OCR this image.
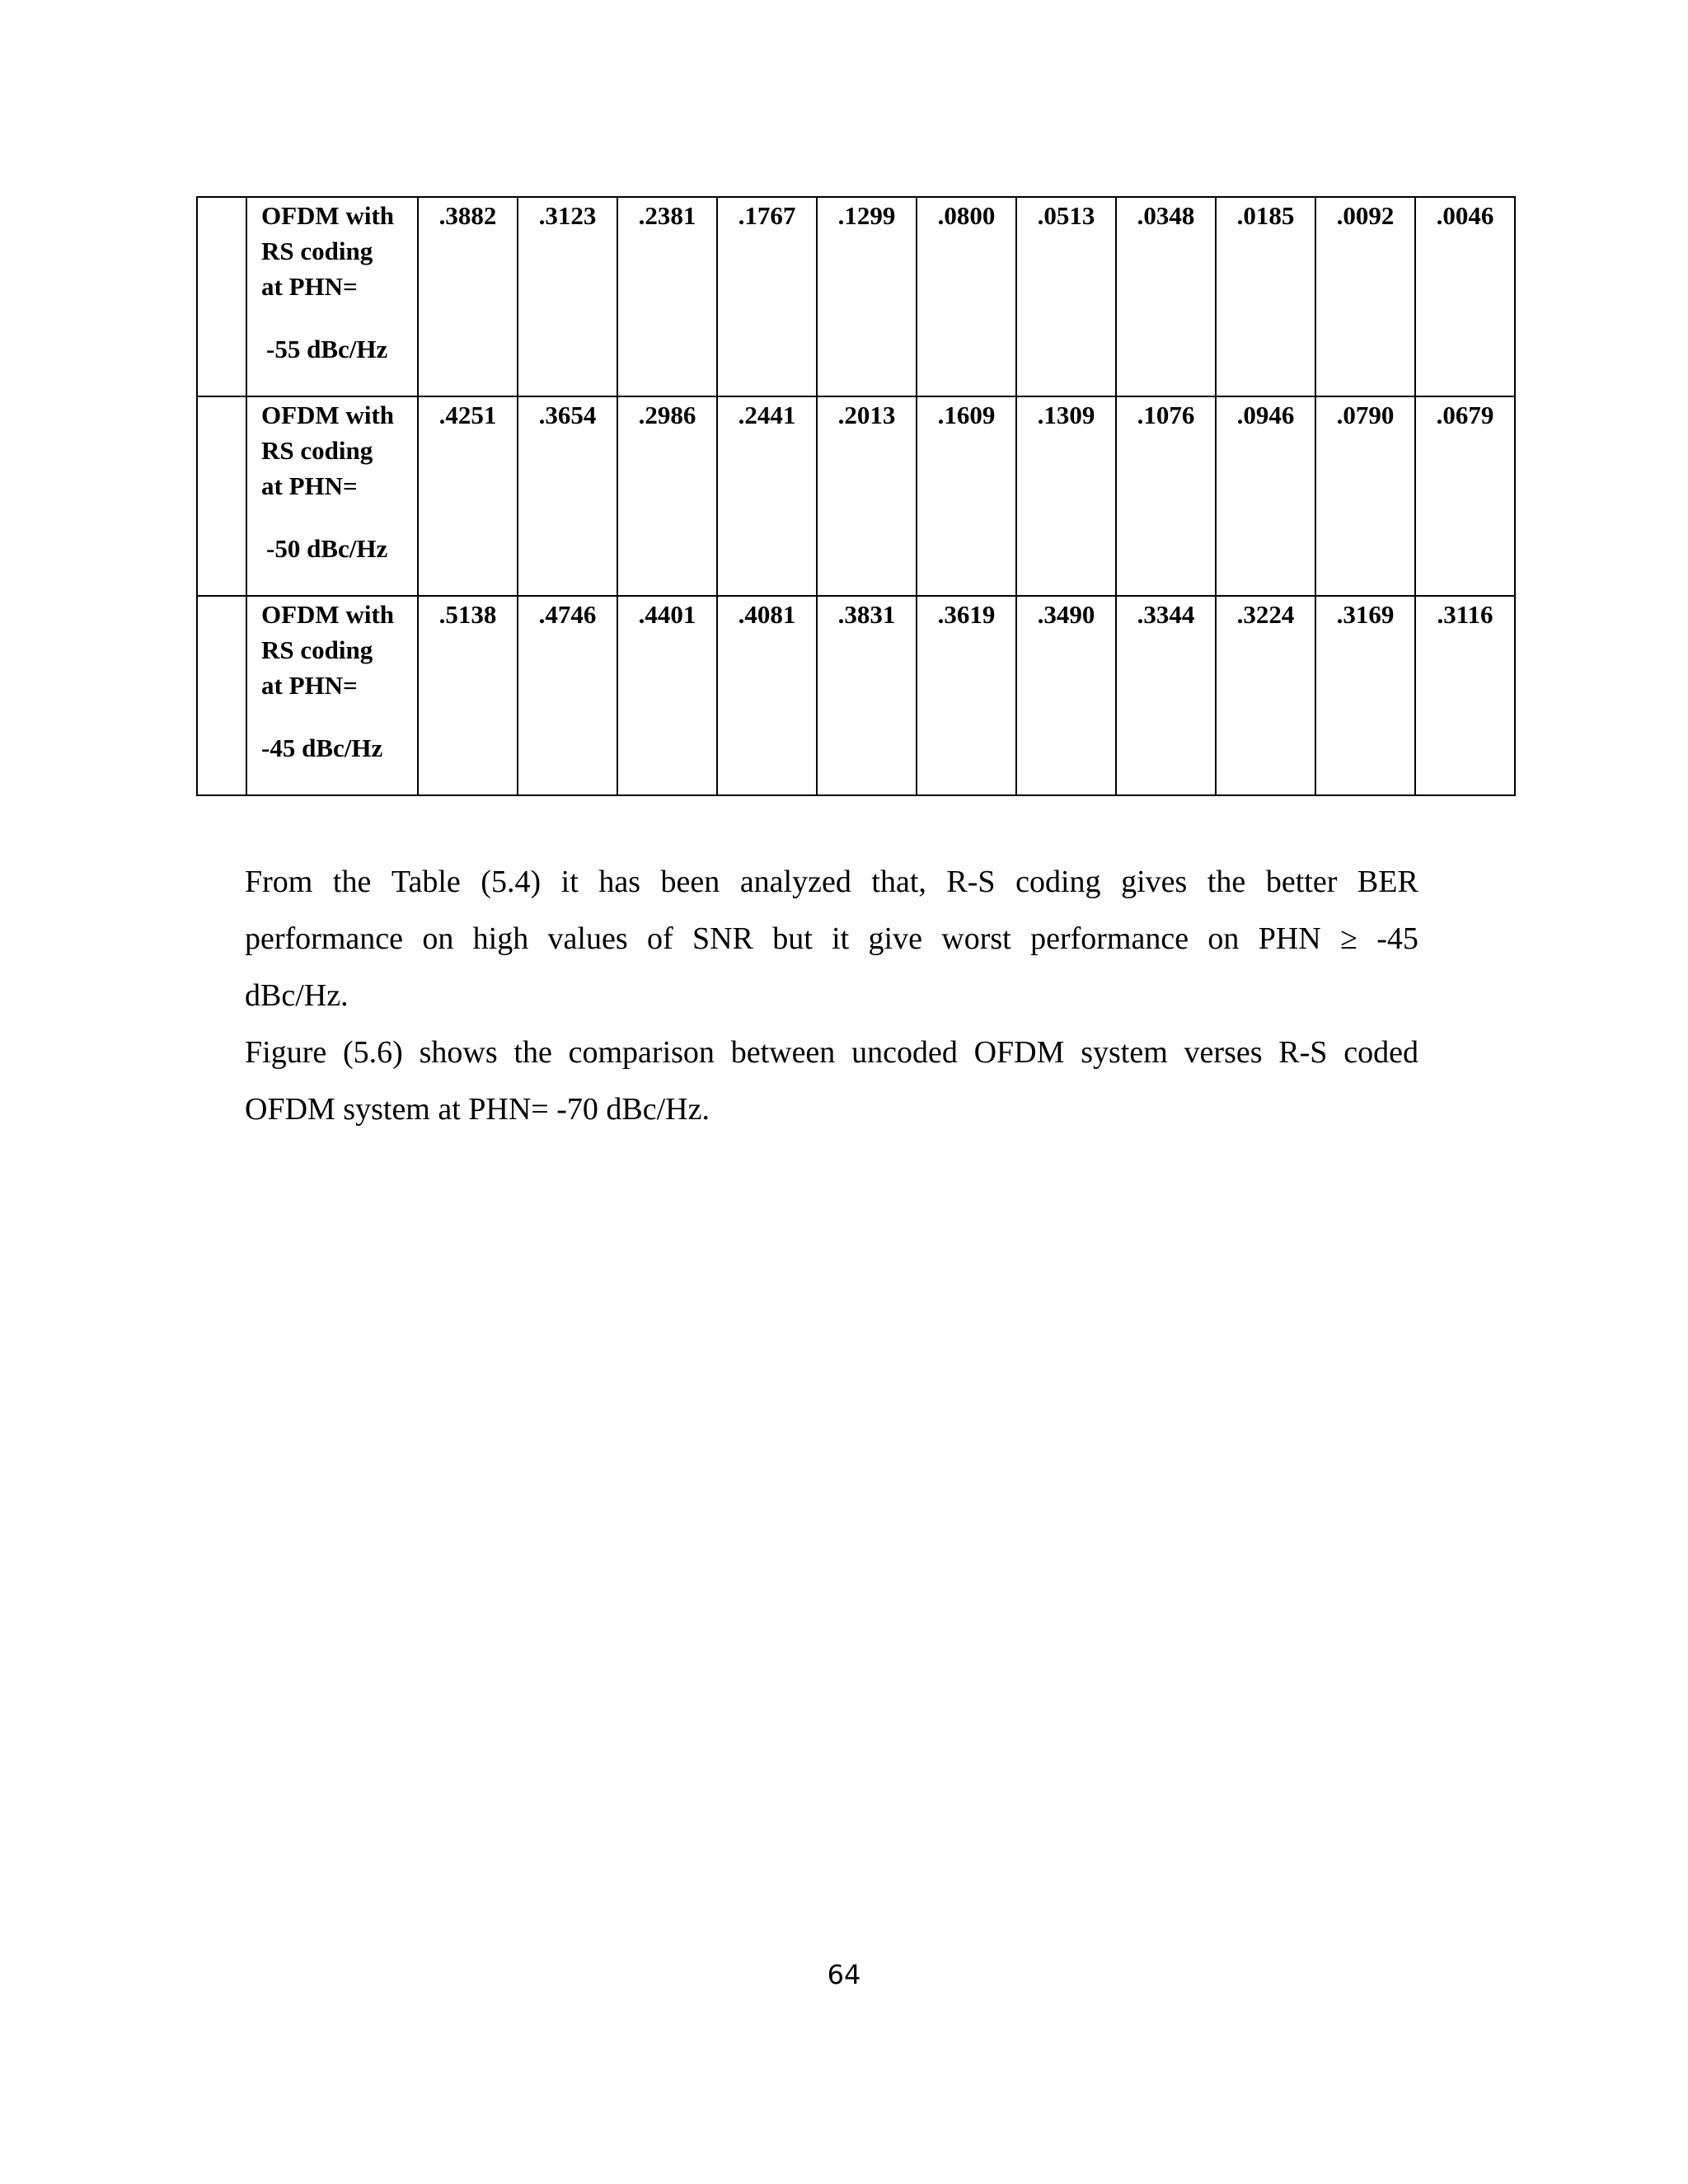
	OFDM with
RS coding
at PHN=
-55 dBc/Hz	.3882	.3123	.2381	.1767	.1299	.0800	.0513	.0348	.0185	.0092	.0046

	OFDM with
RS coding
at PHN=
-50 dBc/Hz	.4251	.3654	.2986	.2441	.2013	.1609	.1309	.1076	.0946	.0790	.0679

	OFDM with
RS coding
at PHN=
-45 dBc/Hz	.5138	.4746	.4401	.4081	.3831	.3619	.3490	.3344	.3224	.3169	.3116
From the Table (5.4) it has been analyzed that, R-S coding gives the better BER
performance on high values of SNR but it give worst performance on PHN ≥ -45
dBc/Hz.
Figure (5.6) shows the comparison between uncoded OFDM system verses R-S coded
OFDM system at PHN= -70 dBc/Hz.
64
